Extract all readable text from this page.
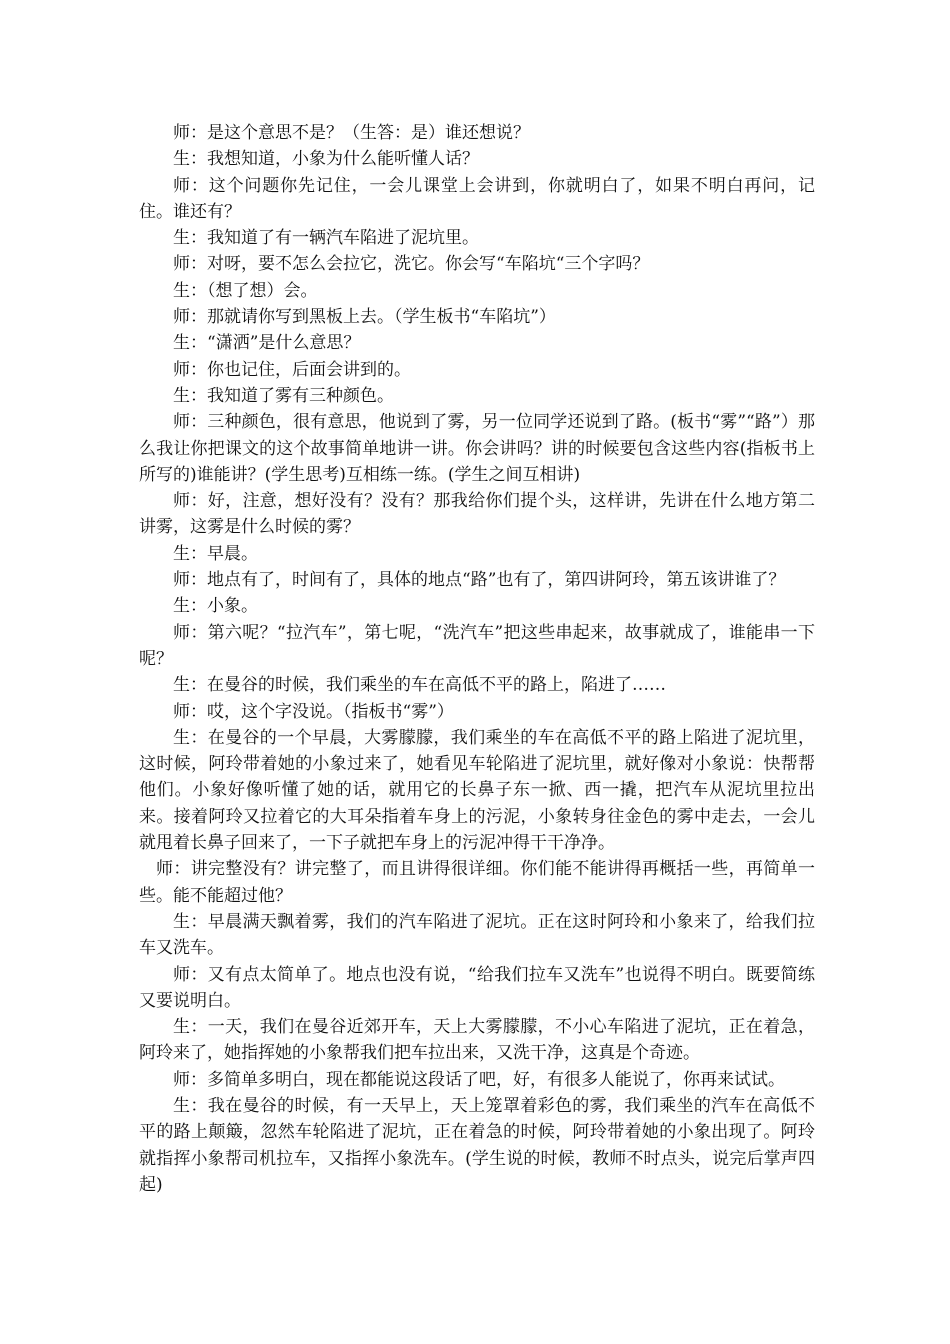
师：是这个意思不是？（生答：是）谁还想说？

生：我想知道，小象为什么能听懂人话？

师：这个问题你先记住，一会儿课堂上会讲到，你就明白了，如果不明白再问，记住。谁还有？

生：我知道了有一辆汽车陷进了泥坑里。

师：对呀，要不怎么会拉它，洗它。你会写“车陷坑“三个字吗？

生：（想了想）会。

师：那就请你写到黑板上去。（学生板书“车陷坑”）

生：“潇洒”是什么意思？

师：你也记住，后面会讲到的。

生：我知道了雾有三种颜色。

师：三种颜色，很有意思，他说到了雾，另一位同学还说到了路。(板书“雾”“路”）那么我让你把课文的这个故事简单地讲一讲。你会讲吗？讲的时候要包含这些内容(指板书上所写的)谁能讲？(学生思考)互相练一练。(学生之间互相讲)

师：好，注意，想好没有？没有？那我给你们提个头，这样讲，先讲在什么地方第二讲雾，这雾是什么时候的雾？

生：早晨。

师：地点有了，时间有了，具体的地点“路”也有了，第四讲阿玲，第五该讲谁了？

生：小象。

师：第六呢？“拉汽车”，第七呢，“洗汽车”把这些串起来，故事就成了，谁能串一下呢？

生：在曼谷的时候，我们乘坐的车在高低不平的路上，陷进了……

师：哎，这个字没说。（指板书“雾”）

生：在曼谷的一个早晨，大雾朦朦，我们乘坐的车在高低不平的路上陷进了泥坑里，这时候，阿玲带着她的小象过来了，她看见车轮陷进了泥坑里，就好像对小象说：快帮帮他们。小象好像听懂了她的话，就用它的长鼻子东一掀、西一撬，把汽车从泥坑里拉出来。接着阿玲又拉着它的大耳朵指着车身上的污泥，小象转身往金色的雾中走去，一会儿就甩着长鼻子回来了，一下子就把车身上的污泥冲得干干净净。

师：讲完整没有？讲完整了，而且讲得很详细。你们能不能讲得再概括一些，再简单一些。能不能超过他？

生：早晨满天飘着雾，我们的汽车陷进了泥坑。正在这时阿玲和小象来了，给我们拉车又洗车。

师：又有点太简单了。地点也没有说，“给我们拉车又洗车”也说得不明白。既要简练又要说明白。

生：一天，我们在曼谷近郊开车，天上大雾朦朦，不小心车陷进了泥坑，正在着急，阿玲来了，她指挥她的小象帮我们把车拉出来，又洗干净，这真是个奇迹。

师：多简单多明白，现在都能说这段话了吧，好，有很多人能说了，你再来试试。

生：我在曼谷的时候，有一天早上，天上笼罩着彩色的雾，我们乘坐的汽车在高低不平的路上颠簸，忽然车轮陷进了泥坑，正在着急的时候，阿玲带着她的小象出现了。阿玲就指挥小象帮司机拉车，又指挥小象洗车。(学生说的时候，教师不时点头，说完后掌声四起)
